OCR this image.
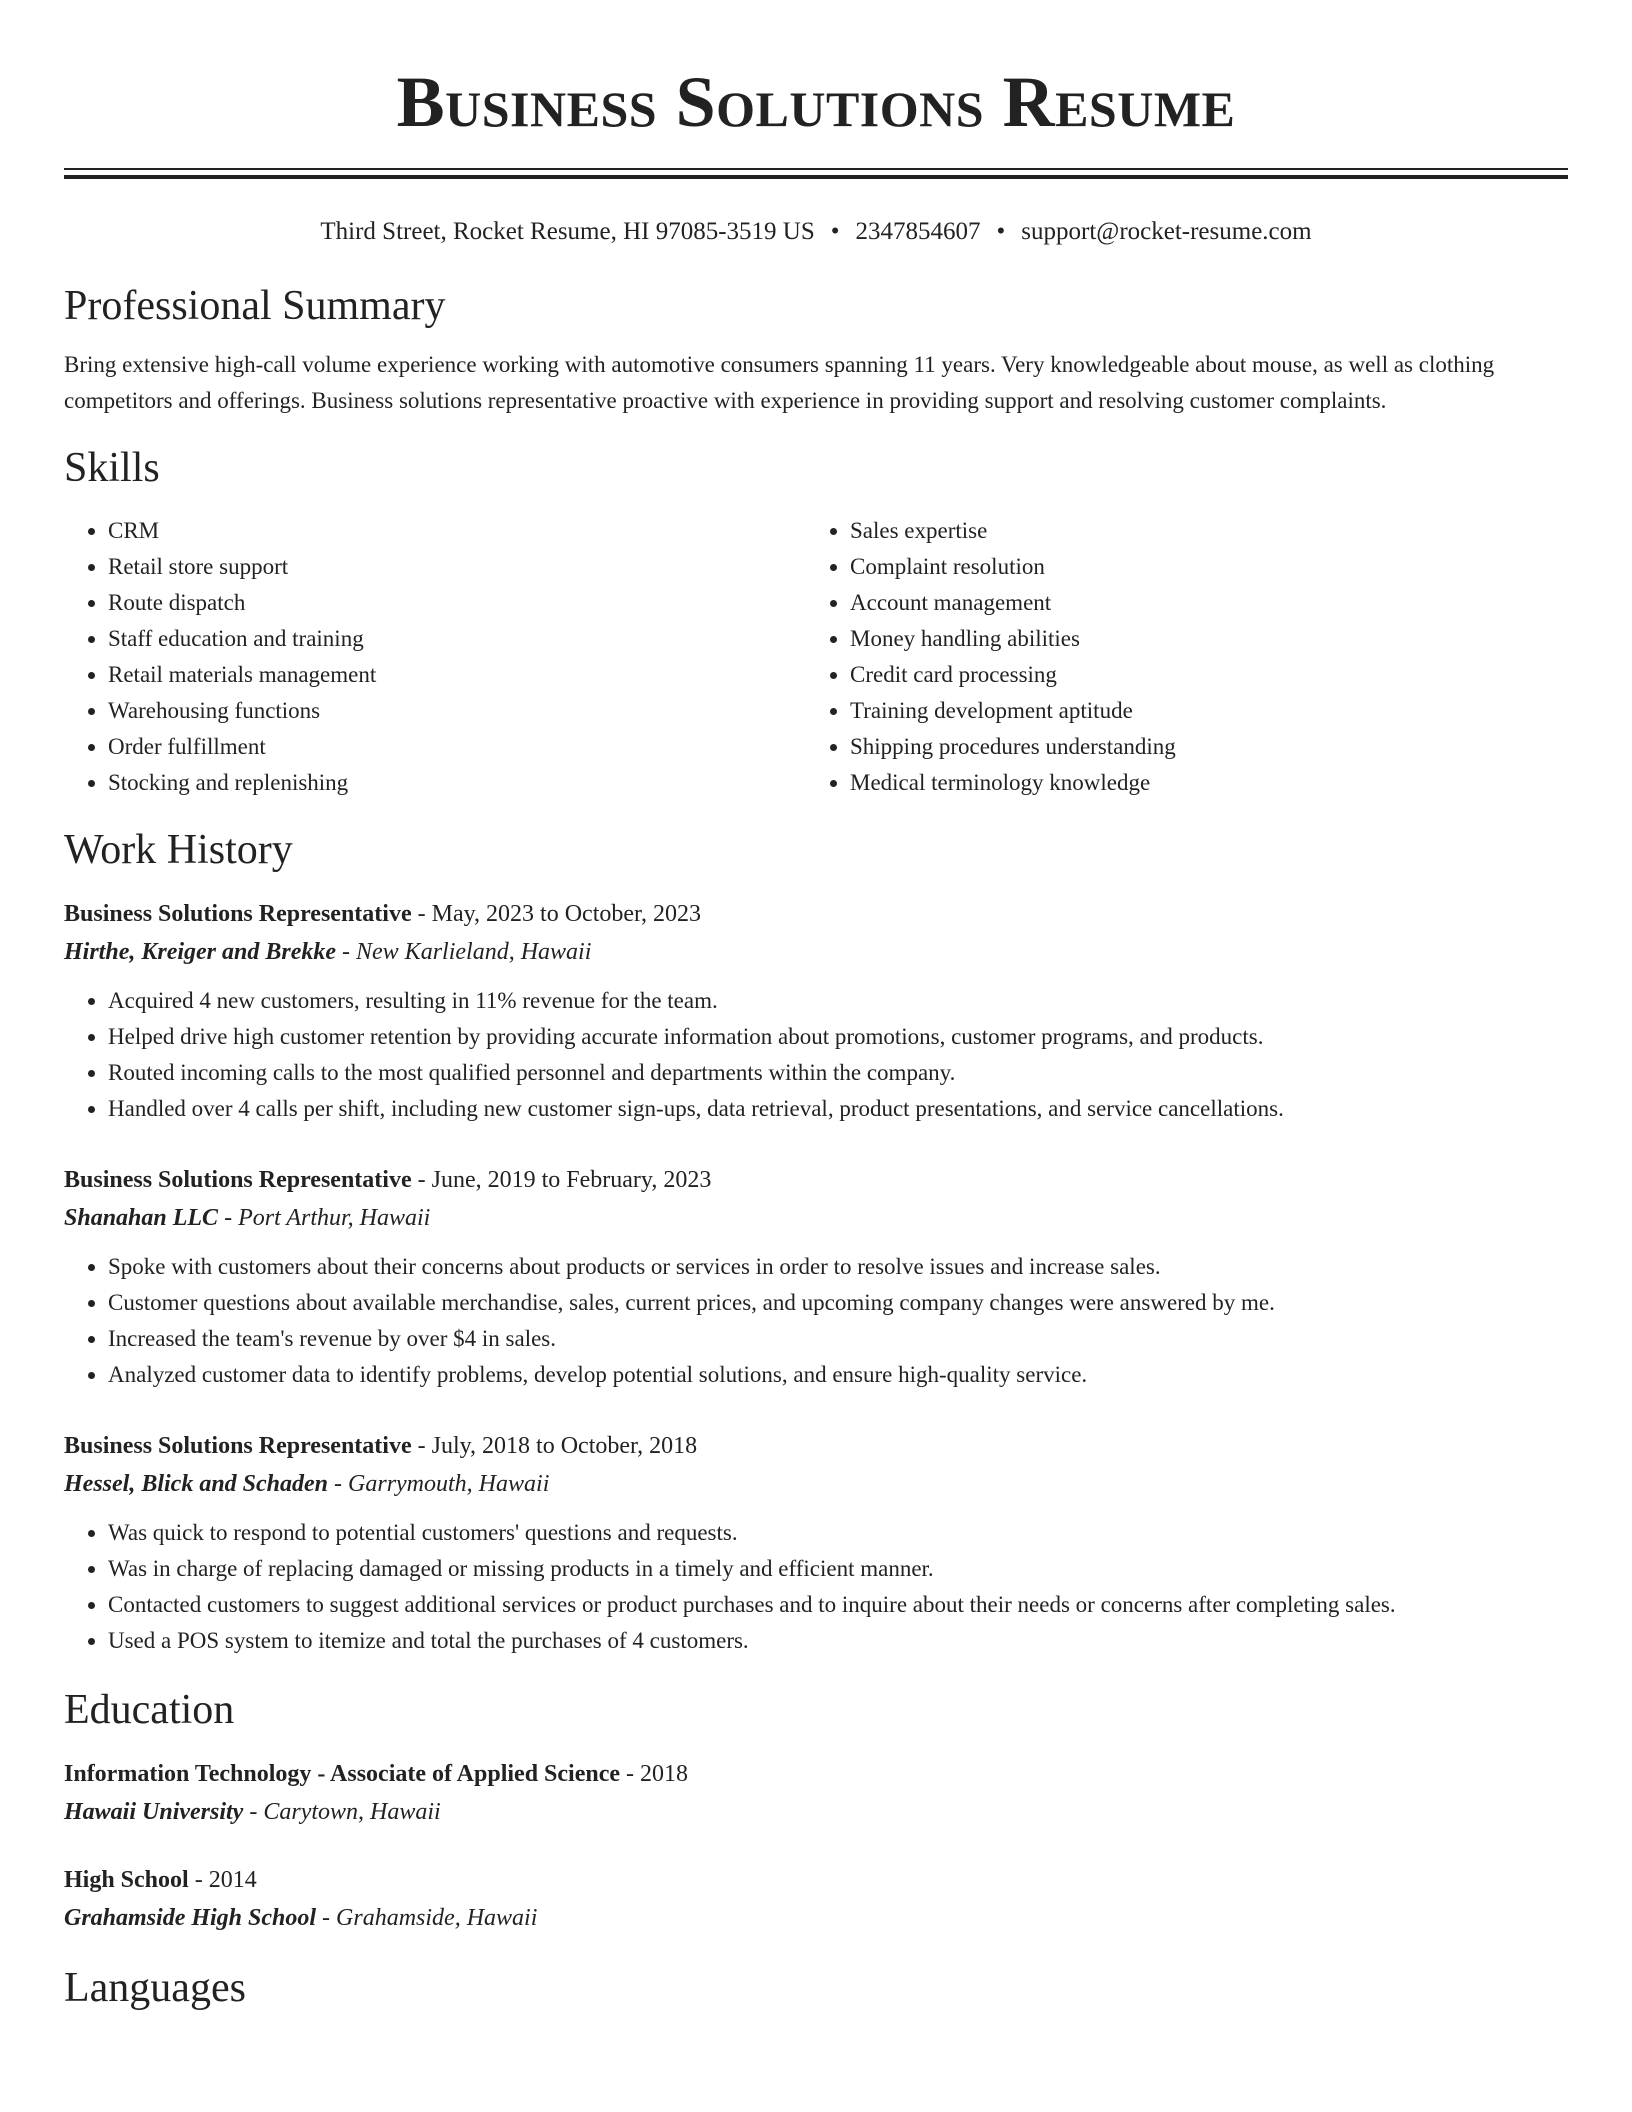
Business Solutions Resume
Third Street, Rocket Resume, HI 97085-3519 US • 2347854607 • support@rocket-resume.com
Professional Summary
Bring extensive high-call volume experience working with automotive consumers spanning 11 years. Very knowledgeable about mouse, as well as clothing competitors and offerings. Business solutions representative proactive with experience in providing support and resolving customer complaints.
Skills
• CRM
• Retail store support
• Route dispatch
• Staff education and training
• Retail materials management
• Warehousing functions
• Order fulfillment
• Stocking and replenishing
• Sales expertise
• Complaint resolution
• Account management
• Money handling abilities
• Credit card processing
• Training development aptitude
• Shipping procedures understanding
• Medical terminology knowledge
Work History
Business Solutions Representative - May, 2023 to October, 2023
Hirthe, Kreiger and Brekke - New Karlieland, Hawaii
• Acquired 4 new customers, resulting in 11% revenue for the team.
• Helped drive high customer retention by providing accurate information about promotions, customer programs, and products.
• Routed incoming calls to the most qualified personnel and departments within the company.
• Handled over 4 calls per shift, including new customer sign-ups, data retrieval, product presentations, and service cancellations.
Business Solutions Representative - June, 2019 to February, 2023
Shanahan LLC - Port Arthur, Hawaii
• Spoke with customers about their concerns about products or services in order to resolve issues and increase sales.
• Customer questions about available merchandise, sales, current prices, and upcoming company changes were answered by me.
• Increased the team's revenue by over $4 in sales.
• Analyzed customer data to identify problems, develop potential solutions, and ensure high-quality service.
Business Solutions Representative - July, 2018 to October, 2018
Hessel, Blick and Schaden - Garrymouth, Hawaii
• Was quick to respond to potential customers' questions and requests.
• Was in charge of replacing damaged or missing products in a timely and efficient manner.
• Contacted customers to suggest additional services or product purchases and to inquire about their needs or concerns after completing sales.
• Used a POS system to itemize and total the purchases of 4 customers.
Education
Information Technology - Associate of Applied Science - 2018
Hawaii University - Carytown, Hawaii
High School - 2014
Grahamside High School - Grahamside, Hawaii
Languages
